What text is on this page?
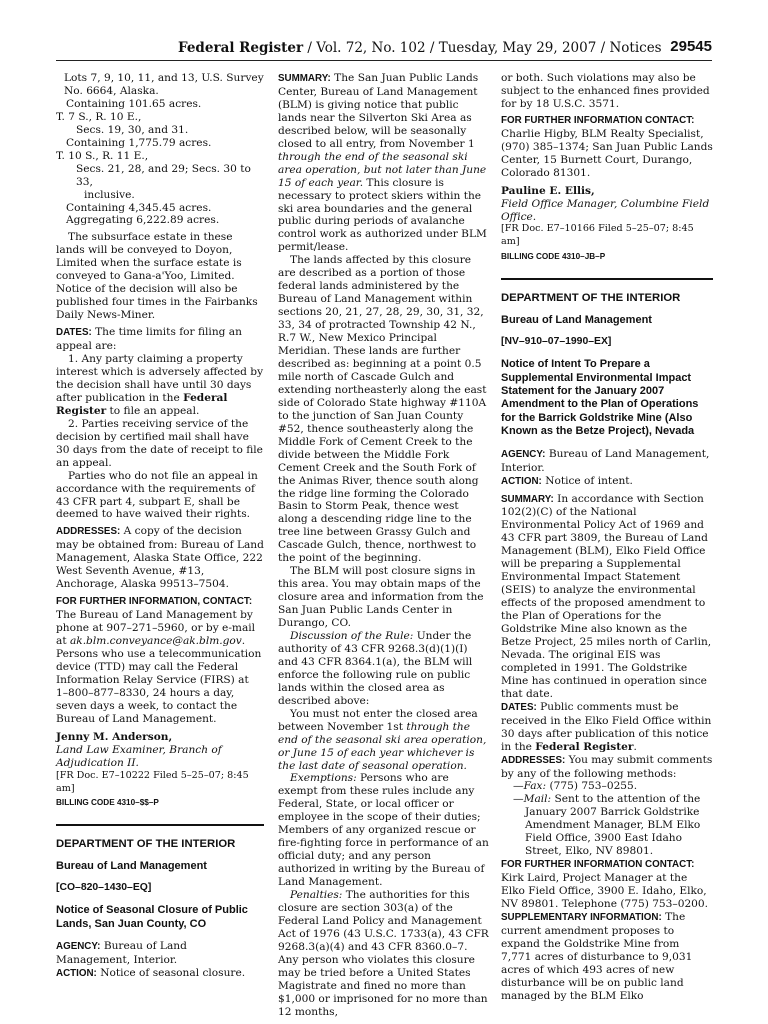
Federal Register / Vol. 72, No. 102 / Tuesday, May 29, 2007 / Notices 29545

Lots 7, 9, 10, 11, and 13, U.S. Survey No. 6664, Alaska.

Containing 101.65 acres.

T. 7 S., R. 10 E.,

Secs. 19, 30, and 31.

Containing 1,775.79 acres.

T. 10 S., R. 11 E.,

Secs. 21, 28, and 29; Secs. 30 to 33,

inclusive.

Containing 4,345.45 acres.

Aggregating 6,222.89 acres.

The subsurface estate in these lands will be conveyed to Doyon, Limited when the surface estate is conveyed to Gana-a'Yoo, Limited. Notice of the decision will also be published four times in the Fairbanks Daily News-Miner.

DATES: The time limits for filing an appeal are:

1. Any party claiming a property interest which is adversely affected by the decision shall have until 30 days after publication in the Federal Register to file an appeal.

2. Parties receiving service of the decision by certified mail shall have 30 days from the date of receipt to file an appeal.

Parties who do not file an appeal in accordance with the requirements of 43 CFR part 4, subpart E, shall be deemed to have waived their rights.

ADDRESSES: A copy of the decision may be obtained from: Bureau of Land Management, Alaska State Office, 222 West Seventh Avenue, #13, Anchorage, Alaska 99513–7504.

FOR FURTHER INFORMATION, CONTACT: The Bureau of Land Management by phone at 907–271–5960, or by e-mail at ak.blm.conveyance@ak.blm.gov. Persons who use a telecommunication device (TTD) may call the Federal Information Relay Service (FIRS) at 1–800–877–8330, 24 hours a day, seven days a week, to contact the Bureau of Land Management.

Jenny M. Anderson,

Land Law Examiner, Branch of Adjudication II.

[FR Doc. E7–10222 Filed 5–25–07; 8:45 am]

BILLING CODE 4310–$$–P

DEPARTMENT OF THE INTERIOR

Bureau of Land Management

[CO–820–1430–EQ]

Notice of Seasonal Closure of Public Lands, San Juan County, CO

AGENCY: Bureau of Land Management, Interior.

ACTION: Notice of seasonal closure.

SUMMARY: The San Juan Public Lands Center, Bureau of Land Management (BLM) is giving notice that public lands near the Silverton Ski Area as described below, will be seasonally closed to all entry, from November 1 through the end of the seasonal ski area operation, but not later than June 15 of each year. This closure is necessary to protect skiers within the ski area boundaries and the general public during periods of avalanche control work as authorized under BLM permit/lease.

The lands affected by this closure are described as a portion of those federal lands administered by the Bureau of Land Management within sections 20, 21, 27, 28, 29, 30, 31, 32, 33, 34 of protracted Township 42 N., R.7 W., New Mexico Principal Meridian. These lands are further described as: beginning at a point 0.5 mile north of Cascade Gulch and extending northeasterly along the east side of Colorado State highway #110A to the junction of San Juan County #52, thence southeasterly along the Middle Fork of Cement Creek to the divide between the Middle Fork Cement Creek and the South Fork of the Animas River, thence south along the ridge line forming the Colorado Basin to Storm Peak, thence west along a descending ridge line to the tree line between Grassy Gulch and Cascade Gulch, thence, northwest to the point of the beginning.

The BLM will post closure signs in this area. You may obtain maps of the closure area and information from the San Juan Public Lands Center in Durango, CO.

Discussion of the Rule: Under the authority of 43 CFR 9268.3(d)(1)(I) and 43 CFR 8364.1(a), the BLM will enforce the following rule on public lands within the closed area as described above:

You must not enter the closed area between November 1st through the end of the seasonal ski area operation, or June 15 of each year whichever is the last date of seasonal operation.

Exemptions: Persons who are exempt from these rules include any Federal, State, or local officer or employee in the scope of their duties; Members of any organized rescue or fire-fighting force in performance of an official duty; and any person authorized in writing by the Bureau of Land Management.

Penalties: The authorities for this closure are section 303(a) of the Federal Land Policy and Management Act of 1976 (43 U.S.C. 1733(a), 43 CFR 9268.3(a)(4) and 43 CFR 8360.0–7. Any person who violates this closure may be tried before a United States Magistrate and fined no more than $1,000 or imprisoned for no more than 12 months,

or both. Such violations may also be subject to the enhanced fines provided for by 18 U.S.C. 3571.

FOR FURTHER INFORMATION CONTACT:

Charlie Higby, BLM Realty Specialist, (970) 385–1374; San Juan Public Lands Center, 15 Burnett Court, Durango, Colorado 81301.

Pauline E. Ellis,

Field Office Manager, Columbine Field Office.

[FR Doc. E7–10166 Filed 5–25–07; 8:45 am]

BILLING CODE 4310–JB–P

DEPARTMENT OF THE INTERIOR

Bureau of Land Management

[NV–910–07–1990–EX]

Notice of Intent To Prepare a Supplemental Environmental Impact Statement for the January 2007 Amendment to the Plan of Operations for the Barrick Goldstrike Mine (Also Known as the Betze Project), Nevada

AGENCY: Bureau of Land Management, Interior.

ACTION: Notice of intent.

SUMMARY: In accordance with Section 102(2)(C) of the National Environmental Policy Act of 1969 and 43 CFR part 3809, the Bureau of Land Management (BLM), Elko Field Office will be preparing a Supplemental Environmental Impact Statement (SEIS) to analyze the environmental effects of the proposed amendment to the Plan of Operations for the Goldstrike Mine also known as the Betze Project, 25 miles north of Carlin, Nevada. The original EIS was completed in 1991. The Goldstrike Mine has continued in operation since that date.

DATES: Public comments must be received in the Elko Field Office within 30 days after publication of this notice in the Federal Register.

ADDRESSES: You may submit comments by any of the following methods:

—Fax: (775) 753–0255.

—Mail: Sent to the attention of the January 2007 Barrick Goldstrike Amendment Manager, BLM Elko Field Office, 3900 East Idaho Street, Elko, NV 89801.

FOR FURTHER INFORMATION CONTACT: Kirk Laird, Project Manager at the Elko Field Office, 3900 E. Idaho, Elko, NV 89801. Telephone (775) 753–0200.

SUPPLEMENTARY INFORMATION: The current amendment proposes to expand the Goldstrike Mine from 7,771 acres of disturbance to 9,031 acres of which 493 acres of new disturbance will be on public land managed by the BLM Elko
